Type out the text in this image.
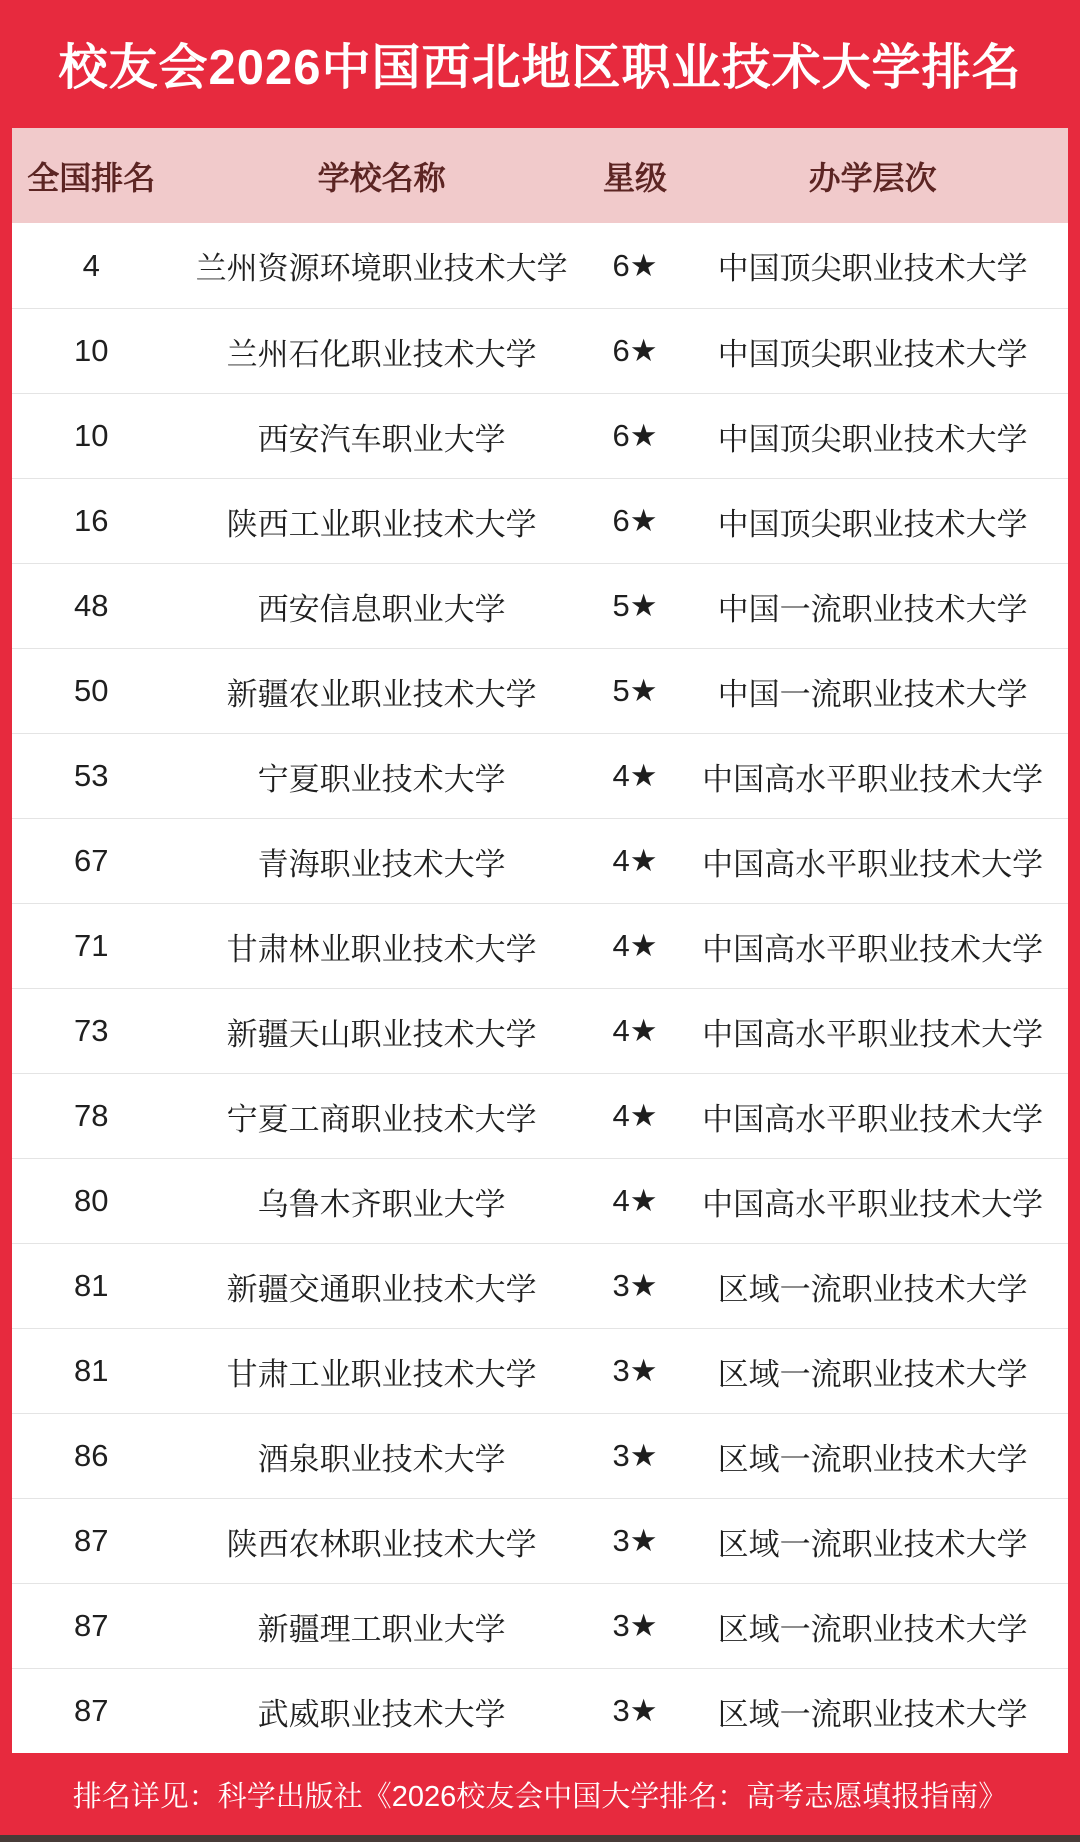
校友会2026中国西北地区职业技术大学排名
全国排名	学校名称	星级	办学层次
4	兰州资源环境职业技术大学	6★	中国顶尖职业技术大学
10	兰州石化职业技术大学	6★	中国顶尖职业技术大学
10	西安汽车职业大学	6★	中国顶尖职业技术大学
16	陕西工业职业技术大学	6★	中国顶尖职业技术大学
48	西安信息职业大学	5★	中国一流职业技术大学
50	新疆农业职业技术大学	5★	中国一流职业技术大学
53	宁夏职业技术大学	4★	中国高水平职业技术大学
67	青海职业技术大学	4★	中国高水平职业技术大学
71	甘肃林业职业技术大学	4★	中国高水平职业技术大学
73	新疆天山职业技术大学	4★	中国高水平职业技术大学
78	宁夏工商职业技术大学	4★	中国高水平职业技术大学
80	乌鲁木齐职业大学	4★	中国高水平职业技术大学
81	新疆交通职业技术大学	3★	区域一流职业技术大学
81	甘肃工业职业技术大学	3★	区域一流职业技术大学
86	酒泉职业技术大学	3★	区域一流职业技术大学
87	陕西农林职业技术大学	3★	区域一流职业技术大学
87	新疆理工职业大学	3★	区域一流职业技术大学
87	武威职业技术大学	3★	区域一流职业技术大学
排名详见：科学出版社《2026校友会中国大学排名：高考志愿填报指南》
